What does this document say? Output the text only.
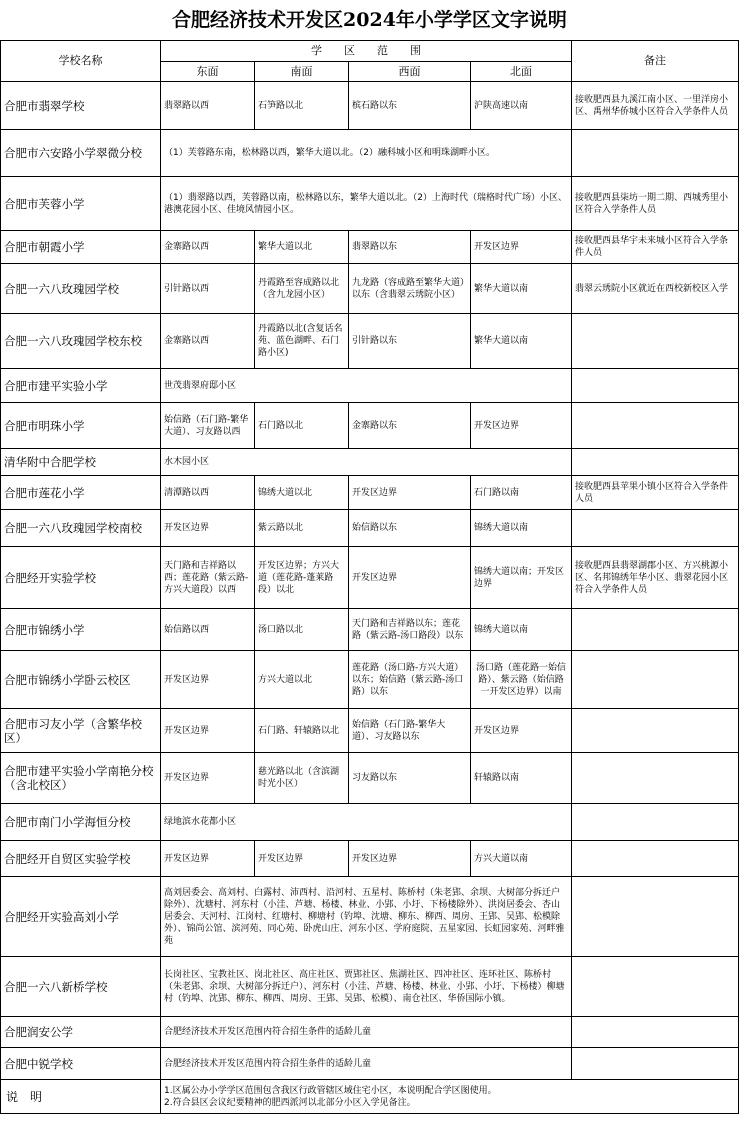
合肥经济技术开发区2024年小学学区文字说明
学校名称	学　　区　　范　　围				备注
	东面	南面	西面	北面	
合肥市翡翠学校	翡翠路以西	石笋路以北	槟石路以东	沪陕高速以南	接收肥西县九溪江南小区、一里洋房小区、禹州华侨城小区符合入学条件人员
合肥市六安路小学翠微分校	（1）芙蓉路东南，松林路以西，繁华大道以北。（2）融科城小区和明珠湖畔小区。				
合肥市芙蓉小学	（1）翡翠路以西，芙蓉路以南，松林路以东，繁华大道以北。（2）上海时代（瑞格时代广场）小区、港澳花园小区、佳境风情园小区。				接收肥西县柒坊一期二期、西城秀里小区符合入学条件人员
合肥市朝霞小学	金寨路以西	繁华大道以北	翡翠路以东	开发区边界	接收肥西县华宇未来城小区符合入学条件人员
合肥一六八玫瑰园学校	引针路以西	丹霞路至容成路以北（含九龙园小区）	九龙路（容成路至繁华大道）以东（含翡翠云琇院小区）	繁华大道以南	翡翠云琇院小区就近在西校新校区入学
合肥一六八玫瑰园学校东校	金寨路以西	丹霞路以北(含复话名苑、蓝色湖畔、石门路小区)	引针路以东	繁华大道以南	
合肥市建平实验小学	世茂翡翠府邸小区				
合肥市明珠小学	始信路（石门路-繁华大道）、习友路以西	石门路以北	金寨路以东	开发区边界	
清华附中合肥学校	水木园小区				
合肥市莲花小学	清潭路以西	锦绣大道以北	开发区边界	石门路以南	接收肥西县苹果小镇小区符合入学条件人员
合肥一六八玫瑰园学校南校	开发区边界	紫云路以北	始信路以东	锦绣大道以南	
合肥经开实验学校	天门路和吉祥路以西；莲花路（紫云路-方兴大道段）以西	开发区边界；方兴大道（莲花路-蓬莱路段）以北	开发区边界	锦绣大道以南；开发区边界	接收肥西县翡翠湖郡小区、方兴桃源小区、名邦锦绣年华小区、翡翠花园小区符合入学条件人员
合肥市锦绣小学	始信路以西	汤口路以北	天门路和吉祥路以东；莲花路（紫云路-汤口路段）以东	锦绣大道以南	
合肥市锦绣小学卧云校区	开发区边界	方兴大道以北	莲花路（汤口路-方兴大道）以东；始信路（紫云路-汤口路）以东	汤口路（莲花路一始信路）、紫云路（始信路一开发区边界）以南	
合肥市习友小学（含繁华校区）	开发区边界	石门路、轩辕路以北	始信路（石门路-繁华大道）、习友路以东	开发区边界	
合肥市建平实验小学南艳分校（含北校区）	开发区边界	慈光路以北（含滨湖时光小区）	习友路以东	轩辕路以南	
合肥市南门小学海恒分校	绿地滨水花都小区				
合肥经开自贸区实验学校	开发区边界	开发区边界	开发区边界	方兴大道以南	
合肥经开实验高刘小学	高刘居委会、高刘村、白露村、沛西村、沿河村、五星村、陈桥村（朱老郢、余坝、大树部分拆迁户除外）、沈塘村、河东村（小洼、芦塘、杨楼、林业、小郢、小圩、下杨楼除外）、洪岗居委会、杏山居委会、天河村、江岗村、红塘村、柳塘村（钓埠、沈塘、柳东、柳西、周房、王郢、吴郢、松模除外）、锦尚公馆、滨河苑、同心苑、卧虎山庄、河东小区、学府庭院、五星家园、长虹园家苑、河畔雅苑				
合肥一六八新桥学校	长岗社区、宝教社区、岗北社区、高庄社区、贾郢社区、焦湖社区、四冲社区、连环社区、陈桥村（朱老郢、余坝、大树部分拆迁户）、河东村（小洼、芦塘、杨楼、林业、小郢、小圩、下杨楼）柳塘村（钓埠、沈郢、柳东、柳西、周房、王郢、吴郢、松模）、南仓社区、华侨国际小镇。				
合肥润安公学	合肥经济技术开发区范围内符合招生条件的适龄儿童				
合肥中锐学校	合肥经济技术开发区范围内符合招生条件的适龄儿童				
说　明	1.区属公办小学学区范围包含我区行政管辖区域住宅小区，本说明配合学区图使用。
2.符合县区会议纪要精神的肥西派河以北部分小区入学见备注。				
